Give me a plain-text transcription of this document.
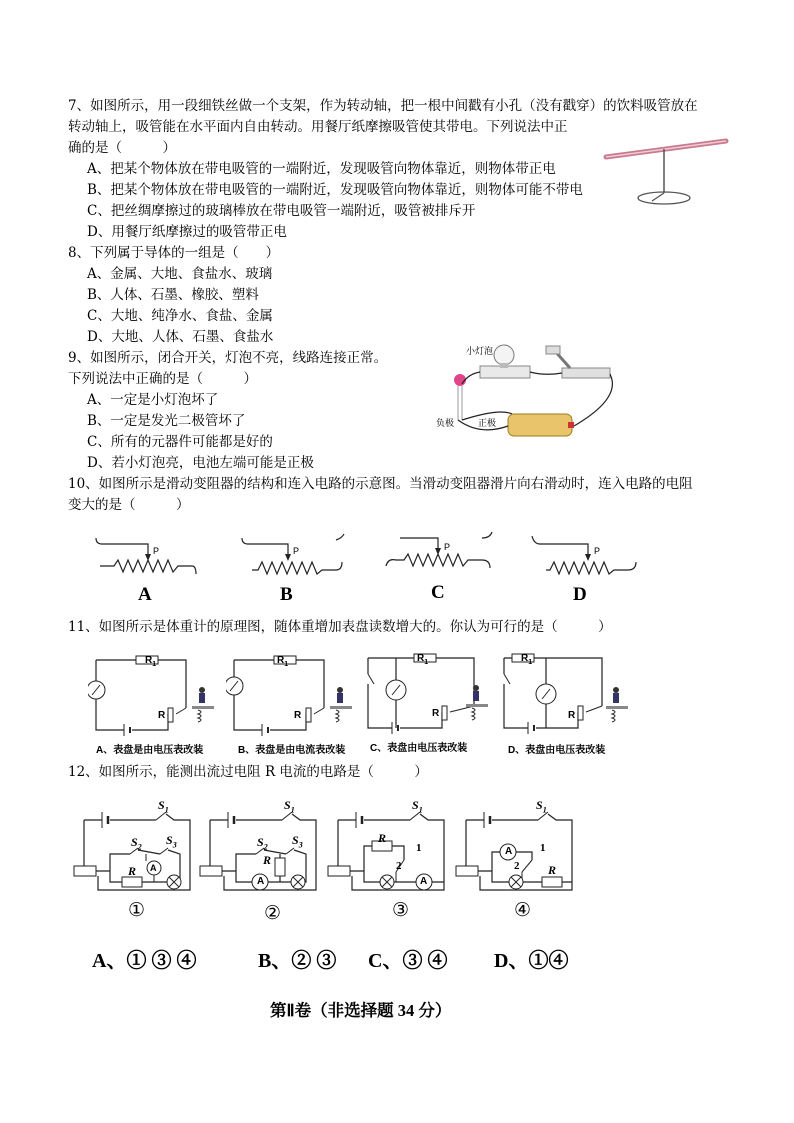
7、如图所示，用一段细铁丝做一个支架，作为转动轴，把一根中间戳有小孔（没有戳穿）的饮料吸管放在
转动轴上，吸管能在水平面内自由转动。用餐厅纸摩擦吸管使其带电。下列说法中正
确的是（　　　）
A、把某个物体放在带电吸管的一端附近，发现吸管向物体靠近，则物体带正电
B、把某个物体放在带电吸管的一端附近，发现吸管向物体靠近，则物体可能不带电
C、把丝绸摩擦过的玻璃棒放在带电吸管一端附近，吸管被排斥开
D、用餐厅纸摩擦过的吸管带正电
8、下列属于导体的一组是（　　）
A、金属、大地、食盐水、玻璃
B、人体、石墨、橡胶、塑料
C、大地、纯净水、食盐、金属
D、大地、人体、石墨、食盐水
9、如图所示，闭合开关，灯泡不亮，线路连接正常。
下列说法中正确的是（　　　）
A、一定是小灯泡坏了
B、一定是发光二极管坏了
C、所有的元器件可能都是好的
D、若小灯泡亮，电池左端可能是正极
小灯泡
负极	正极
10、如图所示是滑动变阻器的结构和连入电路的示意图。当滑动变阻器滑片向右滑动时，连入电路的电阻
变大的是（　　　）
P
A
P
B
P
C
P
D
11、如图所示是体重计的原理图，随体重增加表盘读数增大的。你认为可行的是（　　　）
$R_1$
R
A、表盘是由电压表改装
$R_1$
R
B、表盘是由电流表改装
$R_1$
R
C、表盘由电压表改装
$R_1$
R
D、表盘由电压表改装
12、如图所示，能测出流过电阻 R 电流的电路是（　　　）
$S_1$
$S_2$ $S_3$
A
R
①
$S_1$
$S_2$ $S_3$
R
A
②
$S_1$
R
1
2
A
③
$S_1$
A	1
2 R
④
A、① ③ ④	B、② ③ C、③ ④ D、①④
第Ⅱ卷（非选择题 34 分）
